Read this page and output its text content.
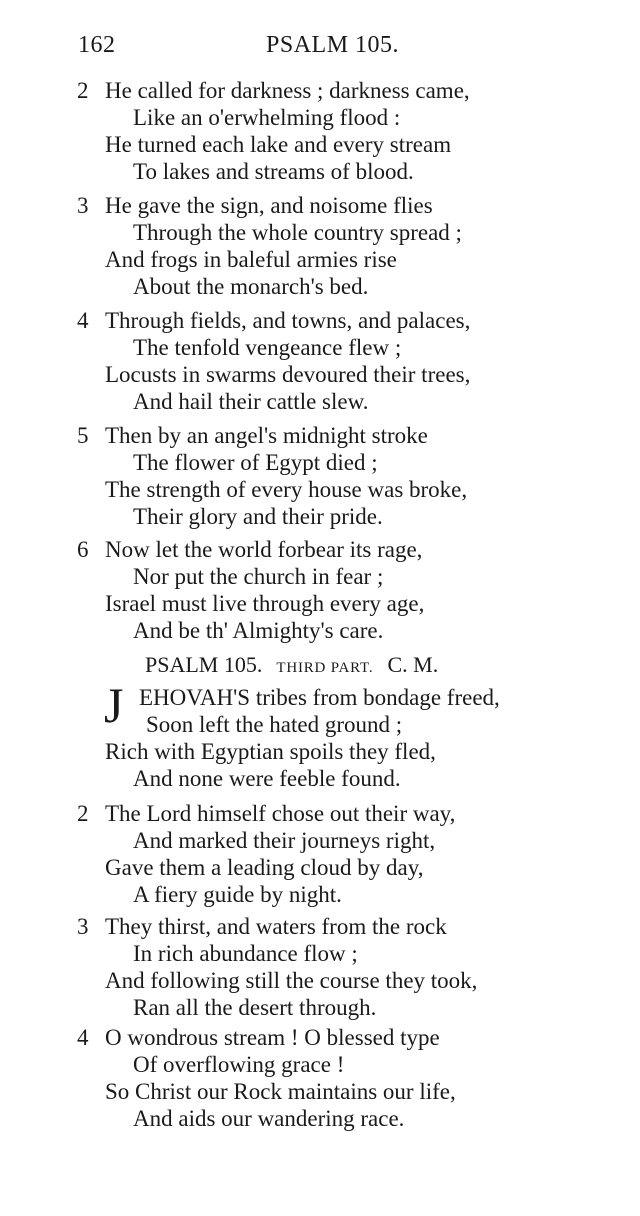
162	PSALM 105.
2 He called for darkness ; darkness came,
Like an o'erwhelming flood :
He turned each lake and every stream
To lakes and streams of blood.
3 He gave the sign, and noisome flies
Through the whole country spread ;
And frogs in baleful armies rise
About the monarch's bed.
4 Through fields, and towns, and palaces,
The tenfold vengeance flew ;
Locusts in swarms devoured their trees,
And hail their cattle slew.
5 Then by an angel's midnight stroke
The flower of Egypt died ;
The strength of every house was broke,
Their glory and their pride.
6 Now let the world forbear its rage,
Nor put the church in fear ;
Israel must live through every age,
And be th' Almighty's care.
PSALM 105. THIRD PART. C. M.
J EHOVAH'S tribes from bondage freed,
Soon left the hated ground ;
Rich with Egyptian spoils they fled,
And none were feeble found.
2 The Lord himself chose out their way,
And marked their journeys right,
Gave them a leading cloud by day,
A fiery guide by night.
3 They thirst, and waters from the rock
In rich abundance flow ;
And following still the course they took,
Ran all the desert through.
4 O wondrous stream ! O blessed type
Of overflowing grace !
So Christ our Rock maintains our life,
And aids our wandering race.
